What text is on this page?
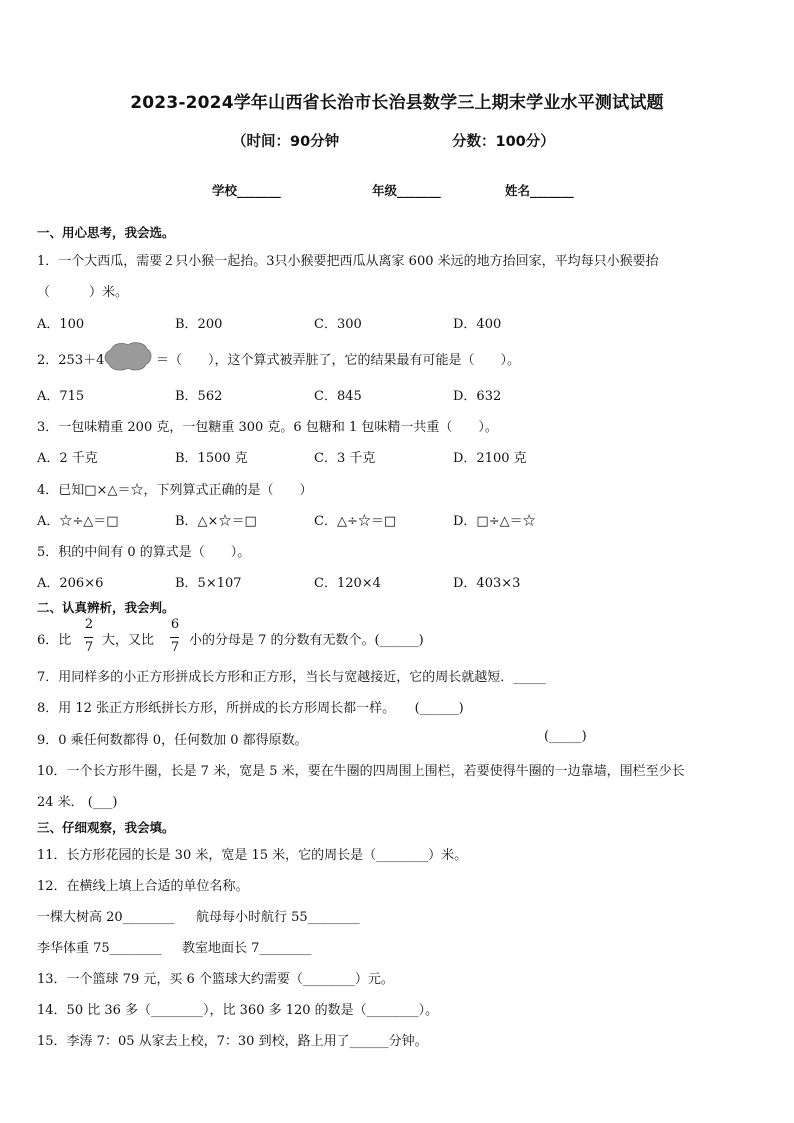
2023-2024学年山西省长治市长治县数学三上期末学业水平测试试题
（时间：90分钟	分数：100分）
学校_______	年级_______	姓名_______
一、用心思考，我会选。
1．一个大西瓜，需要２只小猴一起抬。3只小猴要把西瓜从离家 600 米远的地方抬回家，平均每只小猴要抬
（　　　）米。
A．100	B．200	C．300	D．400
2．253＋4	＝（　　），这个算式被弄脏了，它的结果最有可能是（　　）。
A．715	B．562	C．845	D．632
3．一包味精重 200 克，一包糖重 300 克。6 包糖和 1 包味精一共重（　　）。
A．2 千克	B．1500 克	C．3 千克	D．2100 克
4．已知□×△＝☆，下列算式正确的是（　　）
A．☆÷△＝□	B．△×☆＝□	C．△÷☆＝□	D．□÷△＝☆
5．积的中间有 0 的算式是（　　）。
A．206×6	B．5×107	C．120×4	D．403×3
二、认真辨析，我会判。
6．比
2
7 大，又比
6
7 小的分母是 7 的分数有无数个。(______)
7．用同样多的小正方形拼成长方形和正方形，当长与宽越接近，它的周长就越短．_____
8．用 12 张正方形纸拼长方形，所拼成的长方形周长都一样。　　(______)
9．0 乘任何数都得 0，任何数加 0 都得原数。	(_____)
10．一个长方形牛圈，长是 7 米，宽是 5 米，要在牛圈的四周围上围栏，若要使得牛圈的一边靠墙，围栏至少长
24 米． (___)
三、仔细观察，我会填。
11．长方形花园的长是 30 米，宽是 15 米，它的周长是（________）米。
12．在横线上填上合适的单位名称。
一棵大树高 20________ 航母每小时航行 55________
李华体重 75________ 教室地面长 7________
13．一个篮球 79 元，买 6 个篮球大约需要（________）元。
14．50 比 36 多（________），比 360 多 120 的数是（________）。
15．李涛 7：05 从家去上校，7：30 到校，路上用了______分钟。
